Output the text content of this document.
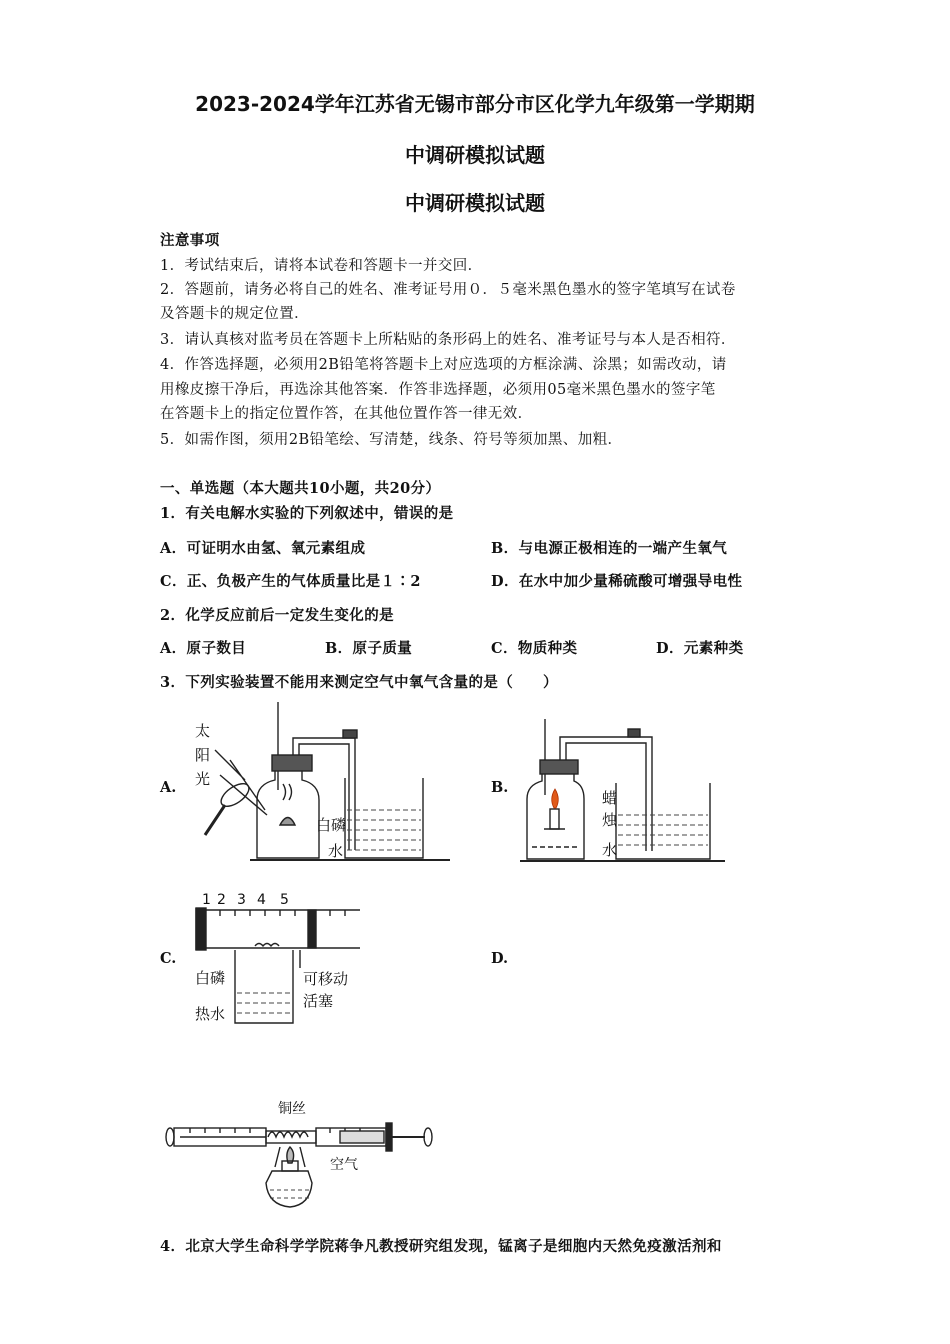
2023-2024学年江苏省无锡市部分市区化学九年级第一学期期
中调研模拟试题
中调研模拟试题
注意事项
1．考试结束后，请将本试卷和答题卡一并交回．
2．答题前，请务必将自己的姓名、准考证号用０．５毫米黑色墨水的签字笔填写在试卷
及答题卡的规定位置．
3．请认真核对监考员在答题卡上所粘贴的条形码上的姓名、准考证号与本人是否相符．
4．作答选择题，必须用2B铅笔将答题卡上对应选项的方框涂满、涂黑；如需改动，请
用橡皮擦干净后，再选涂其他答案．作答非选择题，必须用05毫米黑色墨水的签字笔
在答题卡上的指定位置作答，在其他位置作答一律无效．
5．如需作图，须用2B铅笔绘、写清楚，线条、符号等须加黑、加粗．
一、单选题（本大题共10小题，共20分）
1．有关电解水实验的下列叙述中，错误的是
A．可证明水由氢、氧元素组成	B．与电源正极相连的一端产生氧气
C．正、负极产生的气体质量比是１∶2	D．在水中加少量稀硫酸可增强导电性
2．化学反应前后一定发生变化的是
A．原子数目	B．原子质量	C．物质种类	D．元素种类
3．下列实验装置不能用来测定空气中氧气含量的是（　　）
A.	B.
C.	D.
太
阳
光
白磷
水
蜡
烛
水
1 2 3 4 5
白磷
热水
可移动
活塞
铜丝
空气
4．北京大学生命科学学院蒋争凡教授研究组发现，锰离子是细胞内天然免疫激活剂和
